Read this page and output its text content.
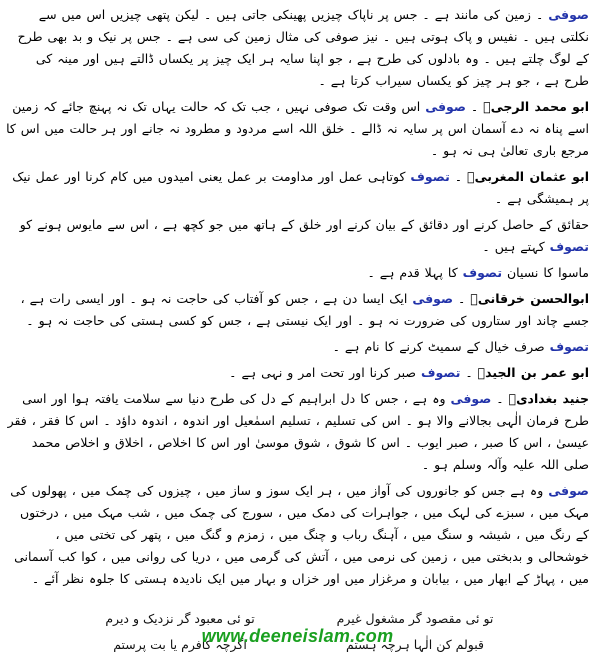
صوفی ۔ زمین کی مانند ہے ۔ جس پر ناپاک چیزیں پھینکی جاتی ہیں ۔ لیکن پتھی چیزیں اس میں سے نکلتی ہیں ۔ نفیس و پاک ہوتی ہیں ۔ نیز صوفی کی مثال زمین کی سی ہے ۔ جس پر نیک و بد بھی طرح کے لوگ چلتے ہیں ۔ وہ بادلوں کی طرح ہے ، جو اپنا سایہ ہر ایک چیز پر یکساں ڈالتے ہیں اور مینہ کی طرح ہے ، جو ہر چیز کو یکساں سیراب کرتا ہے ۔

ابو محمد الرجیؒ ۔ صوفی اس وقت تک صوفی نہیں ، جب تک کہ حالت یہاں تک نہ پہنچ جائے کہ زمین اسے پناہ نہ دے آسمان اس پر سایہ نہ ڈالے ۔ خلق اللہ اسے مردود و مطرود نہ جانے اور ہر حالت میں اس کا مرجع باری تعالیٰ ہی نہ ہو ۔

ابو عثمان المغربیؒ ۔ تصوف کوتاہی عمل اور مداومت بر عمل یعنی امیدوں میں کام کرنا اور عمل نیک پر ہمیشگی ہے ۔

حقائق کے حاصل کرنے اور دقائق کے بیان کرنے اور خلق کے ہاتھ میں جو کچھ ہے ، اس سے مایوس ہونے کو تصوف کہتے ہیں ۔

ماسوا کا نسیان تصوف کا پہلا قدم ہے ۔

ابوالحسن خرقانیؒ ۔ صوفی ایک ایسا دن ہے ، جس کو آفتاب کی حاجت نہ ہو ۔ اور ایسی رات ہے ، جسے چاند اور ستاروں کی ضرورت نہ ہو ۔ اور ایک نیستی ہے ، جس کو کسی ہستی کی حاجت نہ ہو ۔

تصوف صرف خیال کے سمیٹ کرنے کا نام ہے ۔

ابو عمر بن الجیدؒ ۔ تصوف صبر کرنا اور تحت امر و نہی ہے ۔

جنید بغدادیؒ ۔ صوفی وہ ہے ، جس کا دل ابراہیم کے دل کی طرح دنیا سے سلامت یافتہ ہوا اور اسی طرح فرمان الٰہی بجالانے والا ہو ۔ اس کی تسلیم ، تسلیم اسمٰعیل اور اندوہ ، اندوہ داؤد ۔ اس کا فقر ، فقر عیسیٰ ، اس کا صبر ، صبر ایوب ۔ اس کا شوق ، شوق موسیٰ اور اس کا اخلاص ، اخلاق و اخلاص محمد صلی اللہ علیہ وآلہ وسلم ہو ۔

صوفی وہ ہے جس کو جانوروں کی آواز میں ، ہر ایک سوز و ساز میں ، چیزوں کی چمک میں ، پھولوں کی مہک میں ، سبزے کی لہک میں ، جواہرات کی دمک میں ، سورج کی چمک میں ، شب مہک میں ، درختوں کے رنگ میں ، شیشہ و سنگ میں ، آہنگ رباب و چنگ میں ، زمزم و گنگ میں ، پتھر کی تختی میں ، خوشحالی و بدبختی میں ، زمین کی نرمی میں ، آتش کی گرمی میں ، دریا کی روانی میں ، کوا کب آسمانی میں ، پہاڑ کے ابھار میں ، بیابان و مرغزار میں اور خزاں و بہار میں ایک نادیدہ ہستی کا جلوہ نظر آئے ۔

تو ئی مقصود گر مشغول غیرم
تو ئی معبود گر نزدیک و دیرم
قبولم کن الٰہا ہرچہ ہستم
اگرچہ کافرم یا بت پرستم
www.deeneislam.com
